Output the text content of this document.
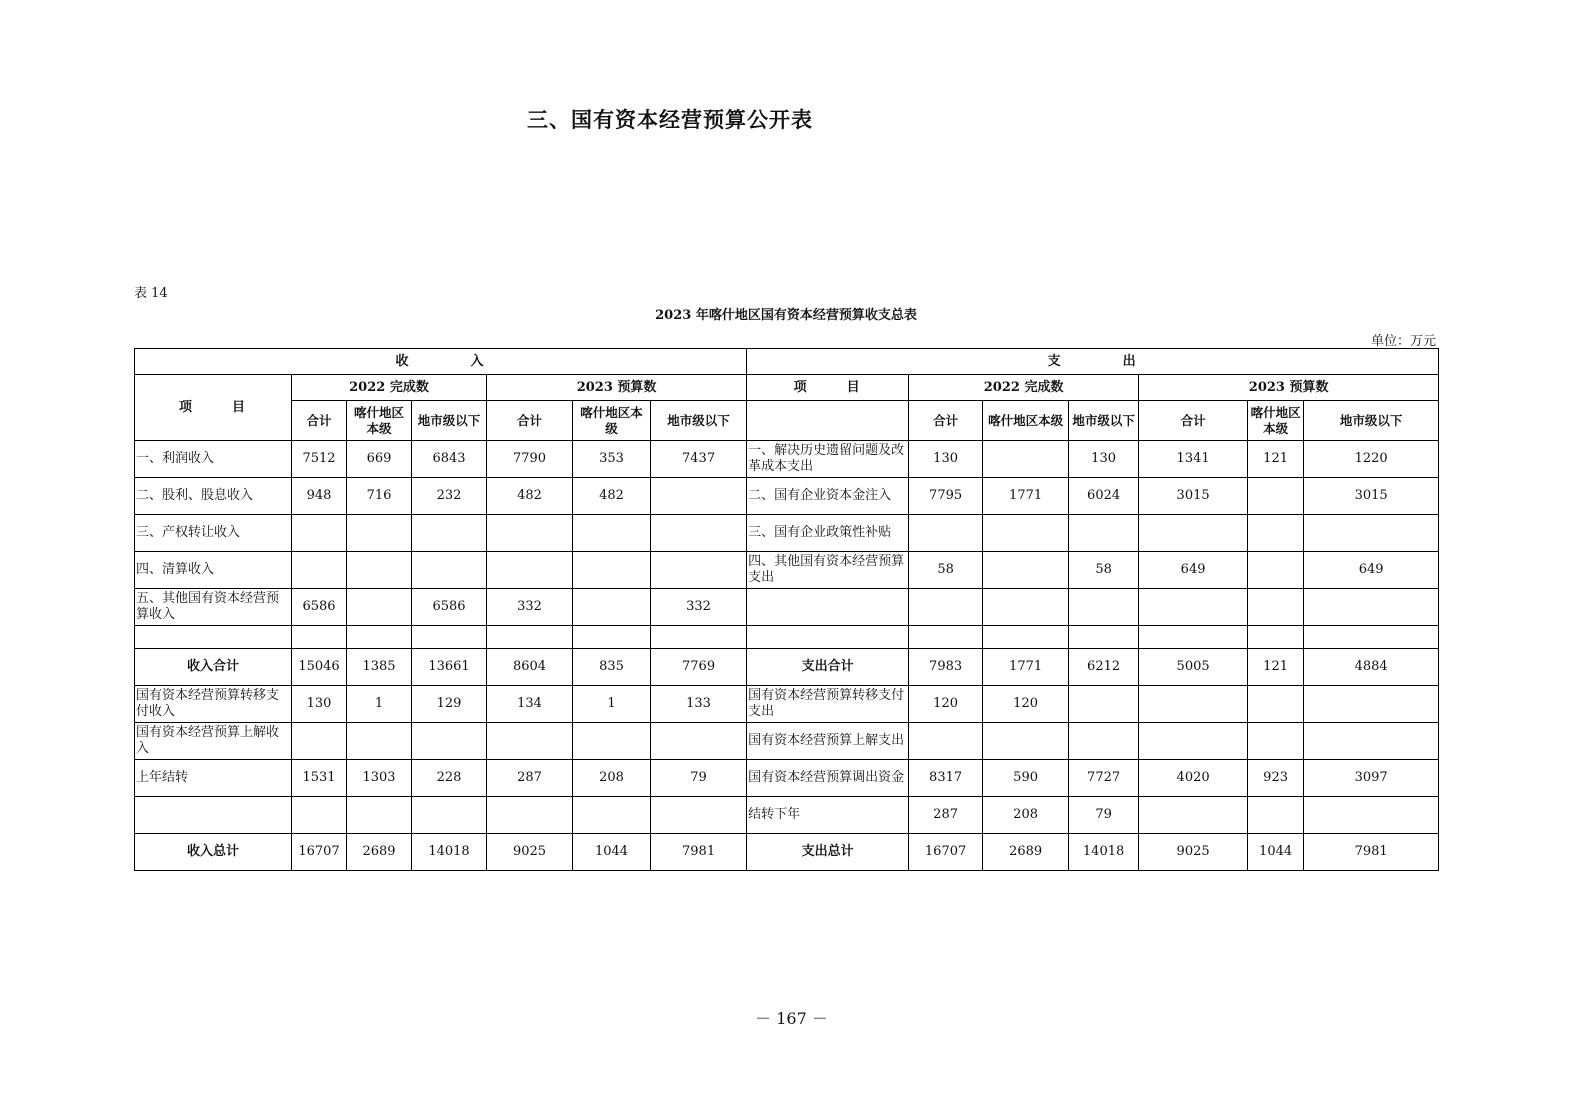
三、国有资本经营预算公开表
表 14
2023 年喀什地区国有资本经营预算收支总表
单位：万元
收入							支出						
项目	2022 完成数			2023 预算数			项目	2022 完成数			2023 预算数		
	合计	喀什地区本级	地市级以下	合计	喀什地区本级	地市级以下		合计	喀什地区本级	地市级以下	合计	喀什地区本级	地市级以下
一、利润收入	7512	669	6843	7790	353	7437	一、解决历史遗留问题及改革成本支出	130		130	1341	121	1220
二、股利、股息收入	948	716	232	482	482		二、国有企业资本金注入	7795	1771	6024	3015		3015
三、产权转让收入							三、国有企业政策性补贴						
四、清算收入							四、其他国有资本经营预算支出	58		58	649		649
五、其他国有资本经营预算收入	6586		6586	332		332							

收入合计	15046	1385	13661	8604	835	7769	支出合计	7983	1771	6212	5005	121	4884
国有资本经营预算转移支付收入	130	1	129	134	1	133	国有资本经营预算转移支付支出	120	120				
国有资本经营预算上解收入							国有资本经营预算上解支出						
上年结转	1531	1303	228	287	208	79	国有资本经营预算调出资金	8317	590	7727	4020	923	3097
							结转下年	287	208	79			
收入总计	16707	2689	14018	9025	1044	7981	支出总计	16707	2689	14018	9025	1044	7981
－ 167 －
